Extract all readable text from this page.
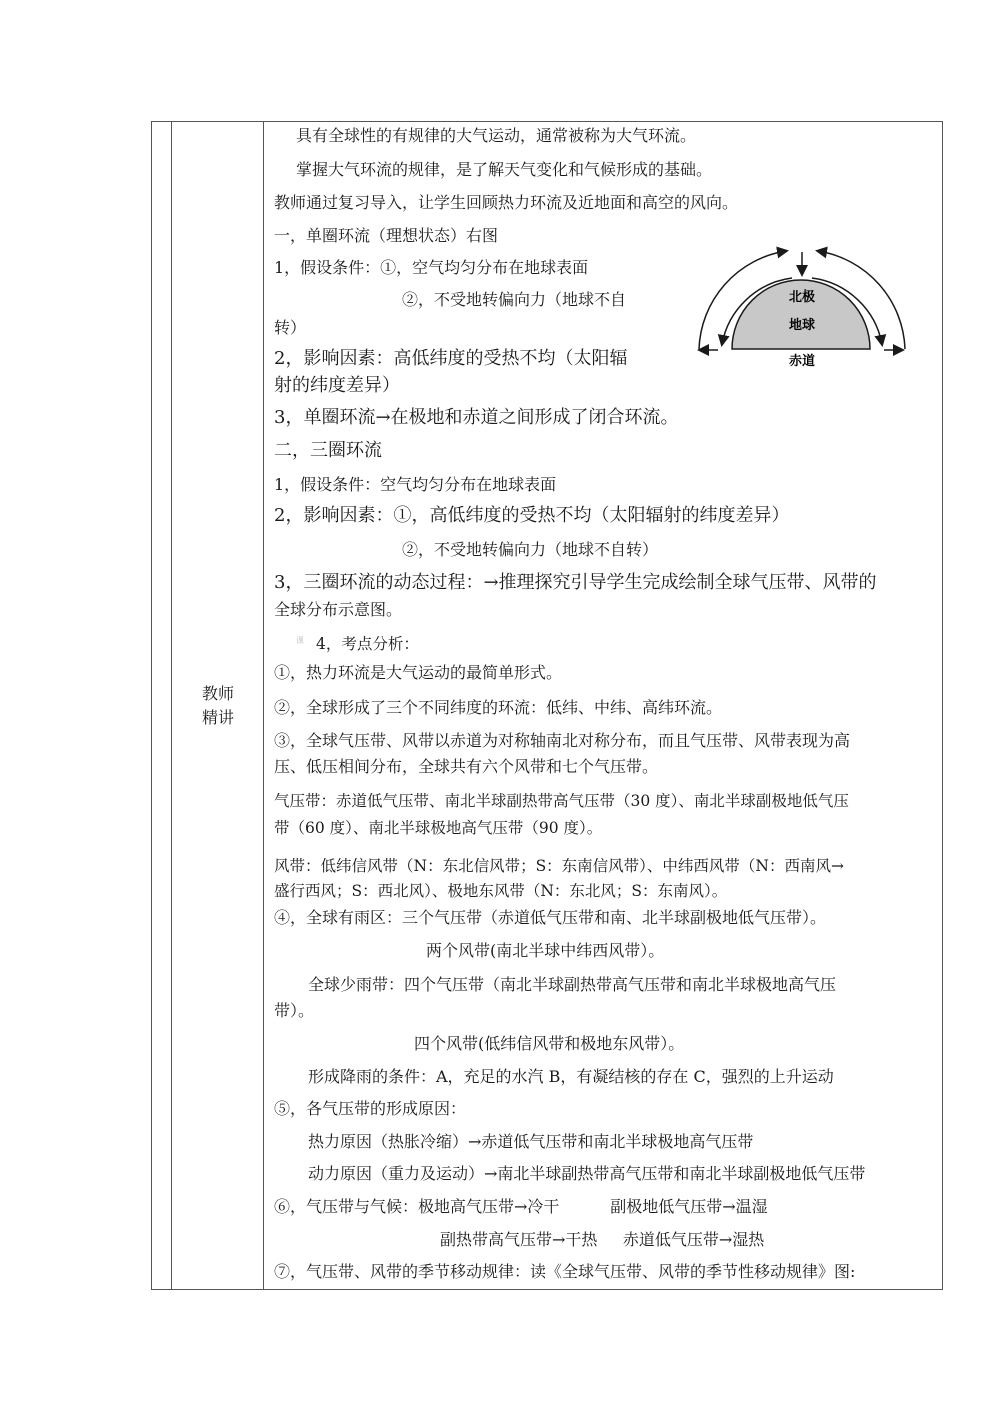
教师
精讲
具有全球性的有规律的大气运动，通常被称为大气环流。
掌握大气环流的规律，是了解天气变化和气候形成的基础。
教师通过复习导入，让学生回顾热力环流及近地面和高空的风向。
一，单圈环流（理想状态）右图
1，假设条件：①，空气均匀分布在地球表面
②，不受地转偏向力（地球不自
转）
2，影响因素：高低纬度的受热不均（太阳辐
射的纬度差异）
3，单圈环流→在极地和赤道之间形成了闭合环流。
二，三圈环流
1，假设条件：空气均匀分布在地球表面
2，影响因素：①，高低纬度的受热不均（太阳辐射的纬度差异）
②，不受地转偏向力（地球不自转）
3，三圈环流的动态过程：→推理探究引导学生完成绘制全球气压带、风带的
全球分布示意图。
$^课$ 4，考点分析：
①，热力环流是大气运动的最简单形式。
②，全球形成了三个不同纬度的环流：低纬、中纬、高纬环流。
③，全球气压带、风带以赤道为对称轴南北对称分布，而且气压带、风带表现为高
压、低压相间分布，全球共有六个风带和七个气压带。
气压带：赤道低气压带、南北半球副热带高气压带（30 度）、南北半球副极地低气压
带（60 度）、南北半球极地高气压带（90 度）。
风带：低纬信风带（N：东北信风带；S：东南信风带）、中纬西风带（N：西南风→
盛行西风；S：西北风）、极地东风带（N：东北风；S：东南风）。
④，全球有雨区：三个气压带（赤道低气压带和南、北半球副极地低气压带）。
两个风带(南北半球中纬西风带）。
全球少雨带：四个气压带（南北半球副热带高气压带和南北半球极地高气压
带）。
四个风带(低纬信风带和极地东风带）。
形成降雨的条件：A，充足的水汽 B，有凝结核的存在 C，强烈的上升运动
⑤，各气压带的形成原因：
热力原因（热胀冷缩）→赤道低气压带和南北半球极地高气压带
动力原因（重力及运动）→南北半球副热带高气压带和南北半球副极地低气压带
⑥，气压带与气候：极地高气压带→冷干          副极地低气压带→温湿
副热带高气压带→干热     赤道低气压带→湿热
⑦，气压带、风带的季节移动规律：读《全球气压带、风带的季节性移动规律》图:
北极
地球
赤道
